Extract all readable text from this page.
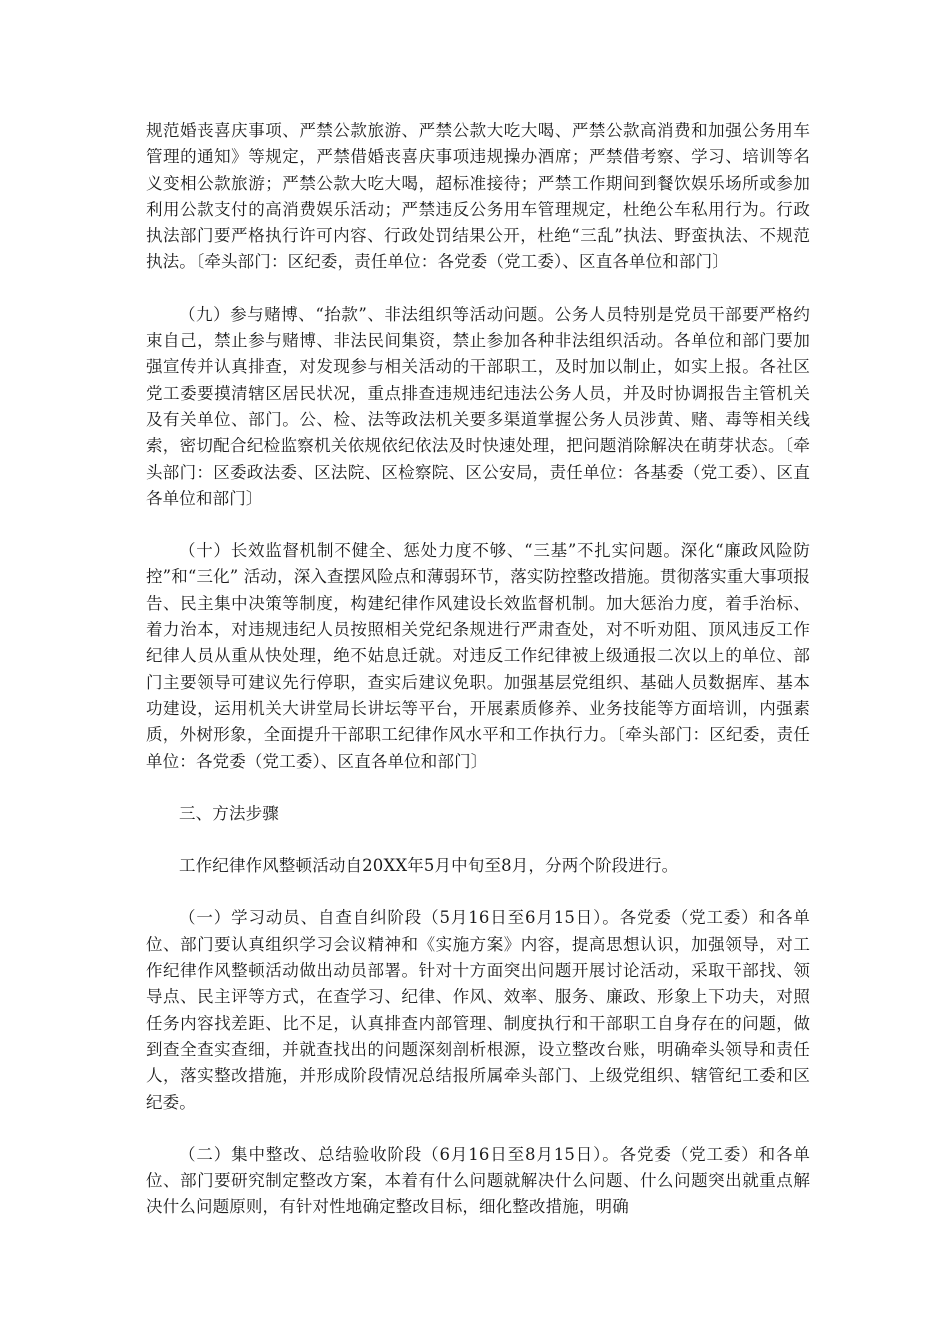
规范婚丧喜庆事项、严禁公款旅游、严禁公款大吃大喝、严禁公款高消费和加强公务用车管理的通知》等规定，严禁借婚丧喜庆事项违规操办酒席；严禁借考察、学习、培训等名义变相公款旅游；严禁公款大吃大喝，超标准接待；严禁工作期间到餐饮娱乐场所或参加利用公款支付的高消费娱乐活动；严禁违反公务用车管理规定，杜绝公车私用行为。行政执法部门要严格执行许可内容、行政处罚结果公开，杜绝“三乱”执法、野蛮执法、不规范执法。〔牵头部门：区纪委，责任单位：各党委（党工委）、区直各单位和部门〕

（九）参与赌博、“抬款”、非法组织等活动问题。公务人员特别是党员干部要严格约束自己，禁止参与赌博、非法民间集资，禁止参加各种非法组织活动。各单位和部门要加强宣传并认真排查，对发现参与相关活动的干部职工，及时加以制止，如实上报。各社区党工委要摸清辖区居民状况，重点排查违规违纪违法公务人员，并及时协调报告主管机关及有关单位、部门。公、检、法等政法机关要多渠道掌握公务人员涉黄、赌、毒等相关线索，密切配合纪检监察机关依规依纪依法及时快速处理，把问题消除解决在萌芽状态。〔牵头部门：区委政法委、区法院、区检察院、区公安局，责任单位：各基委（党工委）、区直各单位和部门〕

（十）长效监督机制不健全、惩处力度不够、“三基”不扎实问题。深化“廉政风险防控”和“三化” 活动，深入查摆风险点和薄弱环节，落实防控整改措施。贯彻落实重大事项报告、民主集中决策等制度，构建纪律作风建设长效监督机制。加大惩治力度，着手治标、着力治本，对违规违纪人员按照相关党纪条规进行严肃查处，对不听劝阻、顶风违反工作纪律人员从重从快处理，绝不姑息迁就。对违反工作纪律被上级通报二次以上的单位、部门主要领导可建议先行停职，查实后建议免职。加强基层党组织、基础人员数据库、基本功建设，运用机关大讲堂局长讲坛等平台，开展素质修养、业务技能等方面培训，内强素质，外树形象，全面提升干部职工纪律作风水平和工作执行力。〔牵头部门：区纪委，责任单位：各党委（党工委）、区直各单位和部门〕

三、方法步骤

工作纪律作风整顿活动自20XX年5月中旬至8月，分两个阶段进行。

（一）学习动员、自查自纠阶段（5月16日至6月15日）。各党委（党工委）和各单位、部门要认真组织学习会议精神和《实施方案》内容，提高思想认识，加强领导，对工作纪律作风整顿活动做出动员部署。针对十方面突出问题开展讨论活动，采取干部找、领导点、民主评等方式，在查学习、纪律、作风、效率、服务、廉政、形象上下功夫，对照任务内容找差距、比不足，认真排查内部管理、制度执行和干部职工自身存在的问题，做到查全查实查细，并就查找出的问题深刻剖析根源，设立整改台账，明确牵头领导和责任人，落实整改措施，并形成阶段情况总结报所属牵头部门、上级党组织、辖管纪工委和区纪委。

（二）集中整改、总结验收阶段（6月16日至8月15日）。各党委（党工委）和各单位、部门要研究制定整改方案，本着有什么问题就解决什么问题、什么问题突出就重点解决什么问题原则，有针对性地确定整改目标，细化整改措施，明确
